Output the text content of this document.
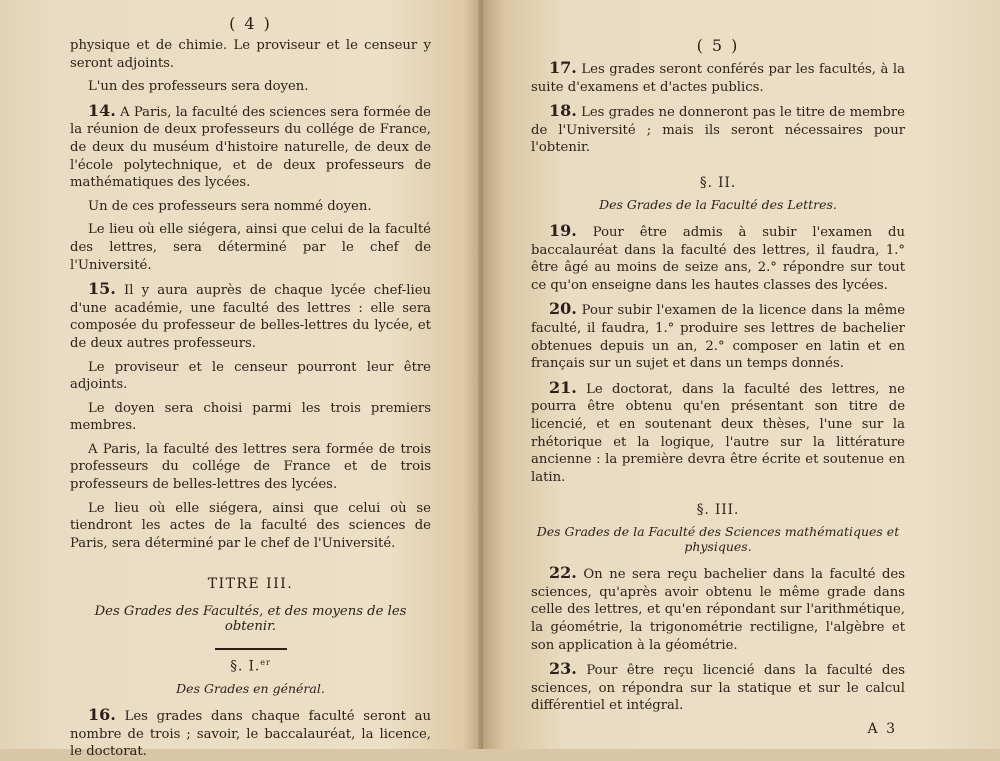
( 4 )

physique et de chimie. Le proviseur et le censeur y seront adjoints.

L'un des professeurs sera doyen.

14. A Paris, la faculté des sciences sera formée de la réunion de deux professeurs du collége de France, de deux du muséum d'histoire naturelle, de deux de l'école polytechnique, et de deux professeurs de mathématiques des lycées.

Un de ces professeurs sera nommé doyen.

Le lieu où elle siégera, ainsi que celui de la faculté des lettres, sera déterminé par le chef de l'Université.

15. Il y aura auprès de chaque lycée chef-lieu d'une académie, une faculté des lettres : elle sera composée du professeur de belles-lettres du lycée, et de deux autres professeurs.

Le proviseur et le censeur pourront leur être adjoints.

Le doyen sera choisi parmi les trois premiers membres.

A Paris, la faculté des lettres sera formée de trois professeurs du collége de France et de trois professeurs de belles-lettres des lycées.

Le lieu où elle siégera, ainsi que celui où se tiendront les actes de la faculté des sciences de Paris, sera déterminé par le chef de l'Université.

TITRE III.
Des Grades des Facultés, et des moyens de les obtenir.
§. I.$^{er}$
Des Grades en général.

16. Les grades dans chaque faculté seront au nombre de trois ; savoir, le baccalauréat, la licence, le doctorat.

( 5 )

17. Les grades seront conférés par les facultés, à la suite d'examens et d'actes publics.

18. Les grades ne donneront pas le titre de membre de l'Université ; mais ils seront nécessaires pour l'obtenir.

§. II.
Des Grades de la Faculté des Lettres.

19. Pour être admis à subir l'examen du baccalauréat dans la faculté des lettres, il faudra, 1.° être âgé au moins de seize ans, 2.° répondre sur tout ce qu'on enseigne dans les hautes classes des lycées.

20. Pour subir l'examen de la licence dans la même faculté, il faudra, 1.° produire ses lettres de bachelier obtenues depuis un an, 2.° composer en latin et en français sur un sujet et dans un temps donnés.

21. Le doctorat, dans la faculté des lettres, ne pourra être obtenu qu'en présentant son titre de licencié, et en soutenant deux thèses, l'une sur la rhétorique et la logique, l'autre sur la littérature ancienne : la première devra être écrite et soutenue en latin.

§. III.
Des Grades de la Faculté des Sciences mathématiques et physiques.

22. On ne sera reçu bachelier dans la faculté des sciences, qu'après avoir obtenu le même grade dans celle des lettres, et qu'en répondant sur l'arithmétique, la géométrie, la trigonométrie rectiligne, l'algèbre et son application à la géométrie.

23. Pour être reçu licencié dans la faculté des sciences, on répondra sur la statique et sur le calcul différentiel et intégral.

A 3
